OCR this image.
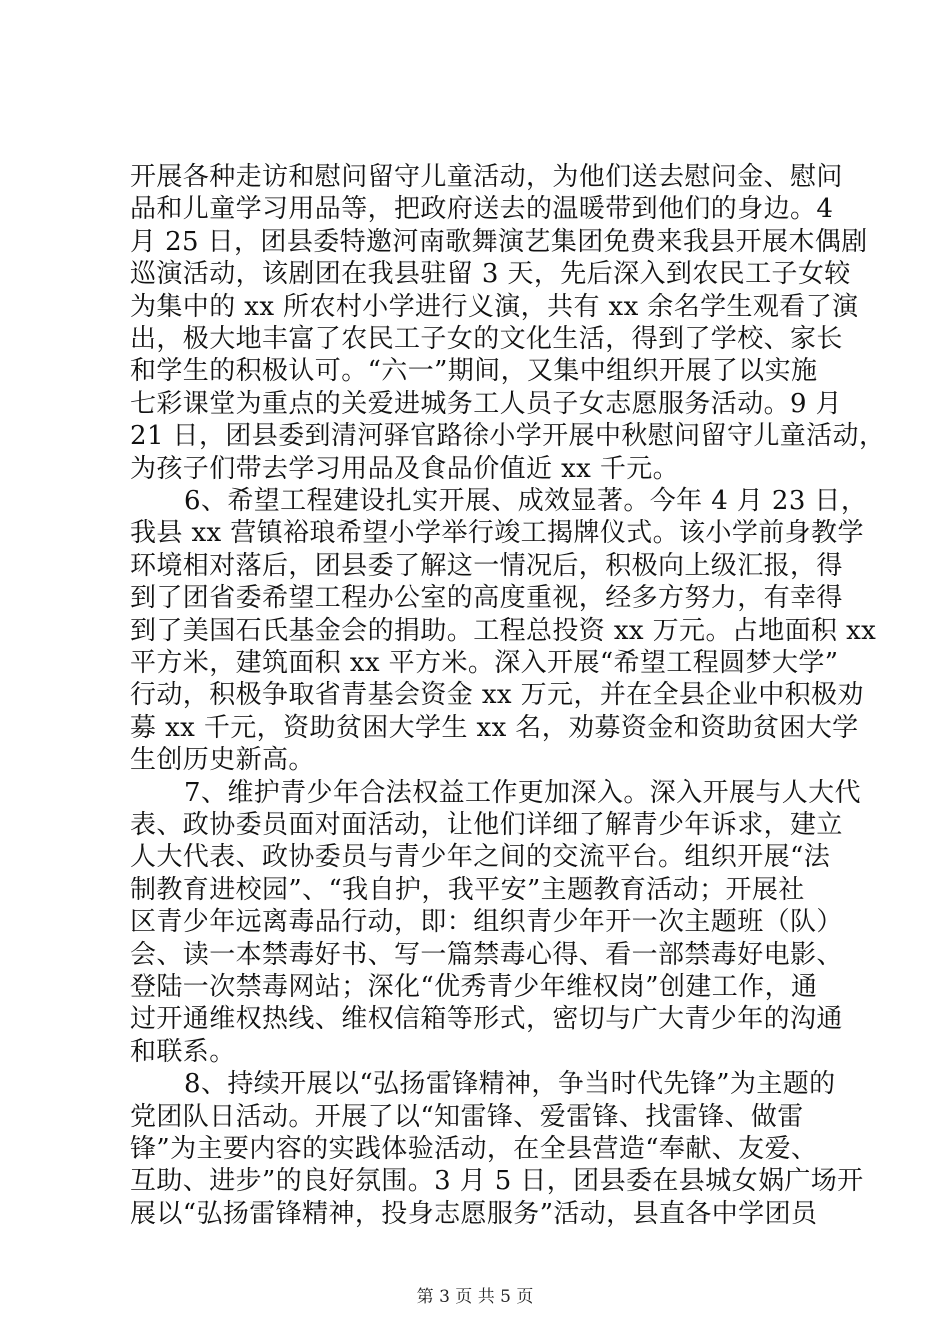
开展各种走访和慰问留守儿童活动，为他们送去慰问金、慰问
品和儿童学习用品等，把政府送去的温暖带到他们的身边。4
月 25 日，团县委特邀河南歌舞演艺集团免费来我县开展木偶剧
巡演活动，该剧团在我县驻留 3 天，先后深入到农民工子女较
为集中的 xx 所农村小学进行义演，共有 xx 余名学生观看了演
出，极大地丰富了农民工子女的文化生活，得到了学校、家长
和学生的积极认可。“六一”期间，又集中组织开展了以实施
七彩课堂为重点的关爱进城务工人员子女志愿服务活动。9 月
21 日，团县委到清河驿官路徐小学开展中秋慰问留守儿童活动，
为孩子们带去学习用品及食品价值近 xx 千元。
6、希望工程建设扎实开展、成效显著。今年 4 月 23 日，
我县 xx 营镇裕琅希望小学举行竣工揭牌仪式。该小学前身教学
环境相对落后，团县委了解这一情况后，积极向上级汇报，得
到了团省委希望工程办公室的高度重视，经多方努力，有幸得
到了美国石氏基金会的捐助。工程总投资 xx 万元。占地面积 xx
平方米，建筑面积 xx 平方米。深入开展“希望工程圆梦大学”
行动，积极争取省青基会资金 xx 万元，并在全县企业中积极劝
募 xx 千元，资助贫困大学生 xx 名，劝募资金和资助贫困大学
生创历史新高。
7、维护青少年合法权益工作更加深入。深入开展与人大代
表、政协委员面对面活动，让他们详细了解青少年诉求，建立
人大代表、政协委员与青少年之间的交流平台。组织开展“法
制教育进校园”、“我自护，我平安”主题教育活动；开展社
区青少年远离毒品行动，即：组织青少年开一次主题班（队）
会、读一本禁毒好书、写一篇禁毒心得、看一部禁毒好电影、
登陆一次禁毒网站；深化“优秀青少年维权岗”创建工作，通
过开通维权热线、维权信箱等形式，密切与广大青少年的沟通
和联系。
8、持续开展以“弘扬雷锋精神，争当时代先锋”为主题的
党团队日活动。开展了以“知雷锋、爱雷锋、找雷锋、做雷
锋”为主要内容的实践体验活动，在全县营造“奉献、友爱、
互助、进步”的良好氛围。3 月 5 日，团县委在县城女娲广场开
展以“弘扬雷锋精神，投身志愿服务”活动，县直各中学团员
第 3 页 共 5 页
